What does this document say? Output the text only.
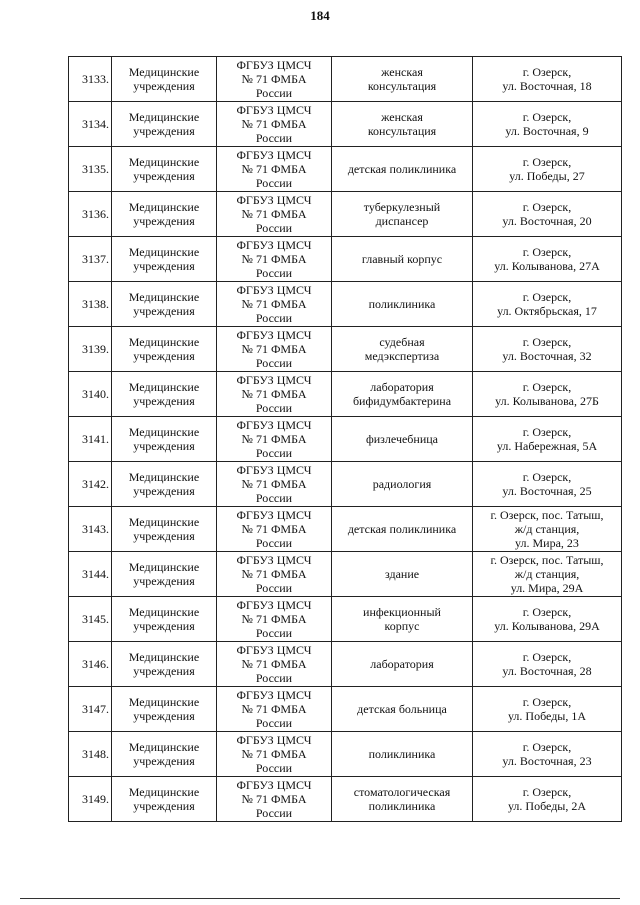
184
3133.	Медицинские
учреждения	ФГБУЗ ЦМСЧ
№ 71 ФМБА
России	женская
консультация	г. Озерск,
ул. Восточная, 18
3134.	Медицинские
учреждения	ФГБУЗ ЦМСЧ
№ 71 ФМБА
России	женская
консультация	г. Озерск,
ул. Восточная, 9
3135.	Медицинские
учреждения	ФГБУЗ ЦМСЧ
№ 71 ФМБА
России	детская поликлиника	г. Озерск,
ул. Победы, 27
3136.	Медицинские
учреждения	ФГБУЗ ЦМСЧ
№ 71 ФМБА
России	туберкулезный
диспансер	г. Озерск,
ул. Восточная, 20
3137.	Медицинские
учреждения	ФГБУЗ ЦМСЧ
№ 71 ФМБА
России	главный корпус	г. Озерск,
ул. Колыванова, 27А
3138.	Медицинские
учреждения	ФГБУЗ ЦМСЧ
№ 71 ФМБА
России	поликлиника	г. Озерск,
ул. Октябрьская, 17
3139.	Медицинские
учреждения	ФГБУЗ ЦМСЧ
№ 71 ФМБА
России	судебная
медэкспертиза	г. Озерск,
ул. Восточная, 32
3140.	Медицинские
учреждения	ФГБУЗ ЦМСЧ
№ 71 ФМБА
России	лаборатория
бифидумбактерина	г. Озерск,
ул. Колыванова, 27Б
3141.	Медицинские
учреждения	ФГБУЗ ЦМСЧ
№ 71 ФМБА
России	физлечебница	г. Озерск,
ул. Набережная, 5А
3142.	Медицинские
учреждения	ФГБУЗ ЦМСЧ
№ 71 ФМБА
России	радиология	г. Озерск,
ул. Восточная, 25
3143.	Медицинские
учреждения	ФГБУЗ ЦМСЧ
№ 71 ФМБА
России	детская поликлиника	г. Озерск, пос. Татыш,
ж/д станция,
ул. Мира, 23
3144.	Медицинские
учреждения	ФГБУЗ ЦМСЧ
№ 71 ФМБА
России	здание	г. Озерск, пос. Татыш,
ж/д станция,
ул. Мира, 29А
3145.	Медицинские
учреждения	ФГБУЗ ЦМСЧ
№ 71 ФМБА
России	инфекционный
корпус	г. Озерск,
ул. Колыванова, 29А
3146.	Медицинские
учреждения	ФГБУЗ ЦМСЧ
№ 71 ФМБА
России	лаборатория	г. Озерск,
ул. Восточная, 28
3147.	Медицинские
учреждения	ФГБУЗ ЦМСЧ
№ 71 ФМБА
России	детская больница	г. Озерск,
ул. Победы, 1А
3148.	Медицинские
учреждения	ФГБУЗ ЦМСЧ
№ 71 ФМБА
России	поликлиника	г. Озерск,
ул. Восточная, 23
3149.	Медицинские
учреждения	ФГБУЗ ЦМСЧ
№ 71 ФМБА
России	стоматологическая
поликлиника	г. Озерск,
ул. Победы, 2А
